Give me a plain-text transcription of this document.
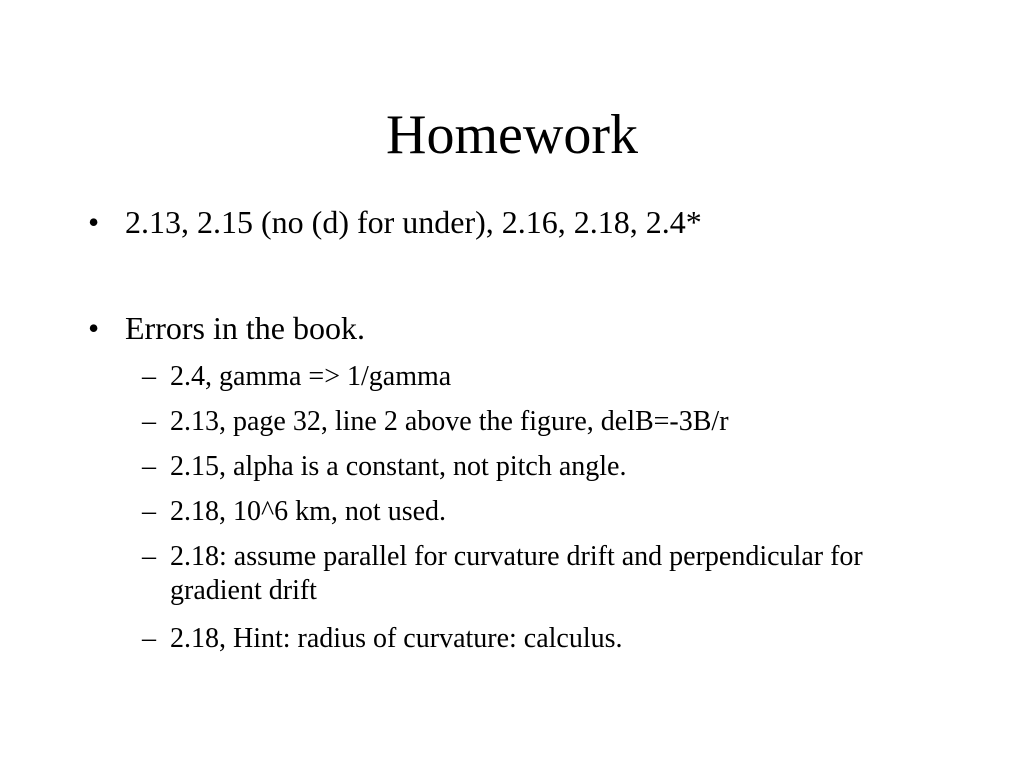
Homework
• 2.13, 2.15 (no (d) for under), 2.16, 2.18, 2.4*
• Errors in the book.
– 2.4, gamma => 1/gamma
– 2.13, page 32, line 2 above the figure, delB=-3B/r
– 2.15, alpha is a constant, not pitch angle.
– 2.18, 10^6 km, not used.
– 2.18: assume parallel for curvature drift and perpendicular for gradient drift
– 2.18, Hint: radius of curvature: calculus.
